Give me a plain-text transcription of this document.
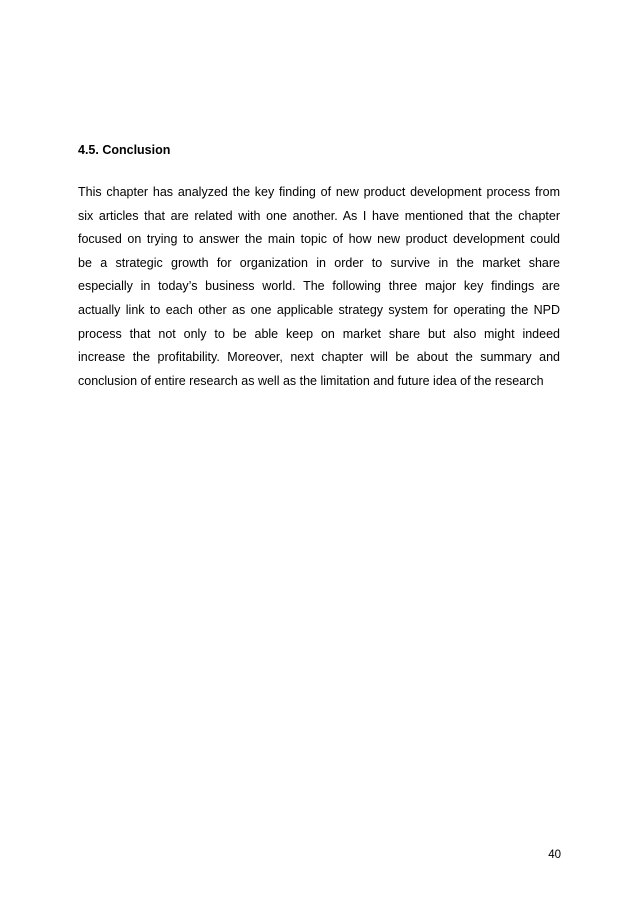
4.5. Conclusion
This chapter has analyzed the key finding of new product development process from
six articles that are related with one another. As I have mentioned that the chapter
focused on trying to answer the main topic of how new product development could
be a strategic growth for organization in order to survive in the market share
especially in today’s business world. The following three major key findings are
actually link to each other as one applicable strategy system for operating the NPD
process that not only to be able keep on market share but also might indeed
increase the profitability. Moreover, next chapter will be about the summary and
conclusion of entire research as well as the limitation and future idea of the research
40
